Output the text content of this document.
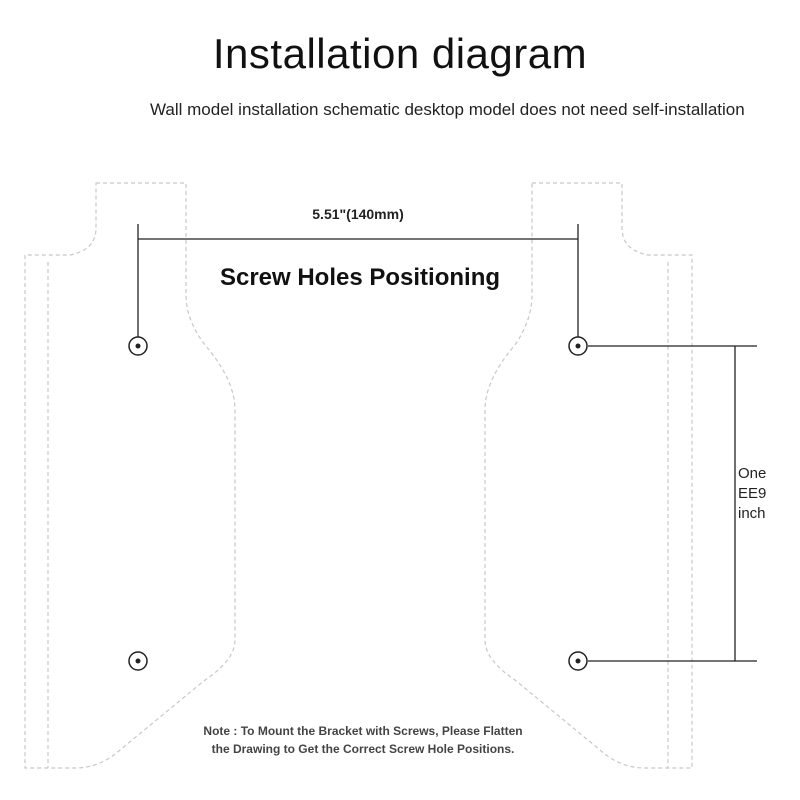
Installation diagram
Wall model installation schematic desktop model does not need self-installation
5.51"(140mm)
Screw Holes Positioning
One
EE9
inch
Note : To Mount the Bracket with Screws, Please Flatten
the Drawing to Get the Correct Screw Hole Positions.
